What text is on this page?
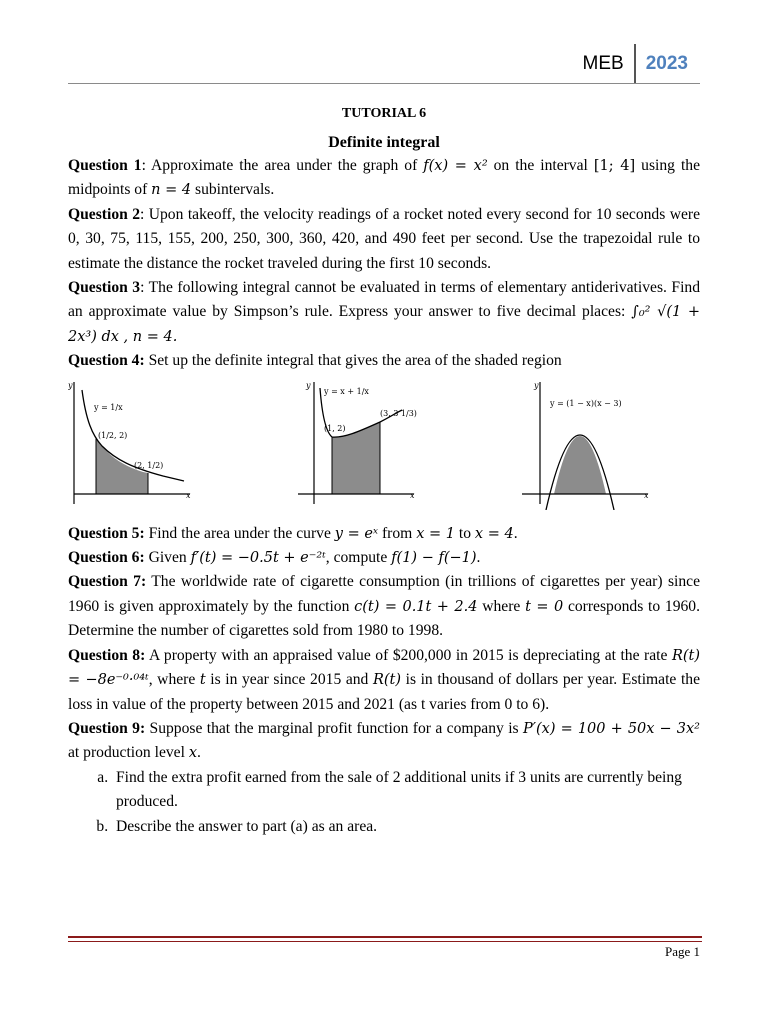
MEB	2023
TUTORIAL 6
Definite integral

Question 1: Approximate the area under the graph of f(x) = x² on the interval [1; 4] using the midpoints of n = 4 subintervals.

Question 2: Upon takeoff, the velocity readings of a rocket noted every second for 10 seconds were 0, 30, 75, 115, 155, 200, 250, 300, 360, 420, and 490 feet per second. Use the trapezoidal rule to estimate the distance the rocket traveled during the first 10 seconds.

Question 3: The following integral cannot be evaluated in terms of elementary antiderivatives. Find an approximate value by Simpson’s rule. Express your answer to five decimal places: ∫₀² √(1 + 2x³) dx , n = 4.

Question 4: Set up the definite integral that gives the area of the shaded region

y
x
y = 1/x
(1/2, 2)
(2, 1/2)
y
x
y = x + 1/x
(1, 2)
(3, 3 1/3)
y
x
y = (1 − x)(x − 3)

Question 5: Find the area under the curve y = eˣ from x = 1 to x = 4.

Question 6: Given f′(t) = −0.5t + e⁻²ᵗ, compute f(1) − f(−1).

Question 7: The worldwide rate of cigarette consumption (in trillions of cigarettes per year) since 1960 is given approximately by the function c(t) = 0.1t + 2.4 where t = 0 corresponds to 1960. Determine the number of cigarettes sold from 1980 to 1998.

Question 8: A property with an appraised value of $200,000 in 2015 is depreciating at the rate R(t) = −8e⁻⁰·⁰⁴ᵗ, where t is in year since 2015 and R(t) is in thousand of dollars per year. Estimate the loss in value of the property between 2015 and 2021 (as t varies from 0 to 6).

Question 9: Suppose that the marginal profit function for a company is P′(x) = 100 + 50x − 3x² at production level x.

a. Find the extra profit earned from the sale of 2 additional units if 3 units are currently being produced.
b. Describe the answer to part (a) as an area.
Page 1
